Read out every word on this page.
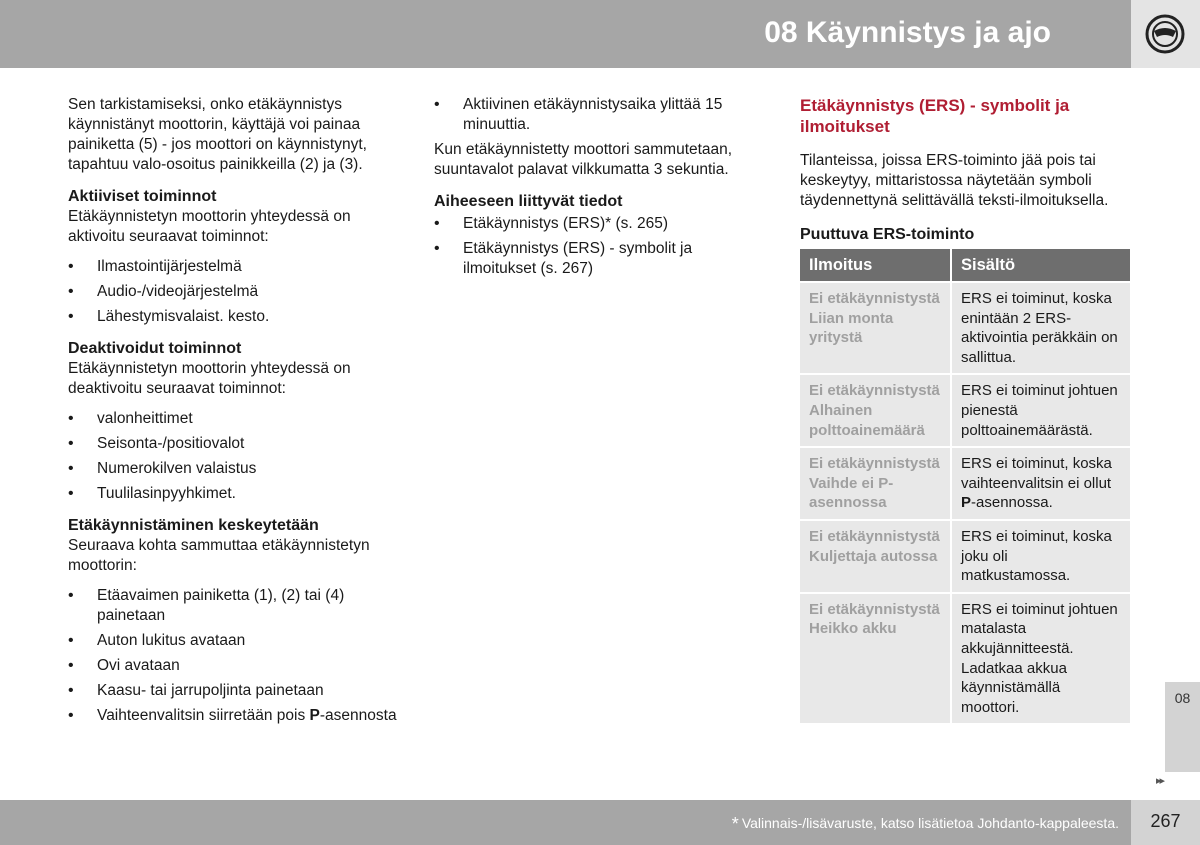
08 Käynnistys ja ajo
08
▸▸
* Valinnais-/lisävaruste, katso lisätietoa Johdanto-kappaleesta.	267

Sen tarkistamiseksi, onko etäkäynnistys käynnistänyt moottorin, käyttäjä voi painaa painiketta (5) - jos moottori on käynnistynyt, tapahtuu valo-osoitus painikkeilla (2) ja (3).

Aktiiviset toiminnot

Etäkäynnistetyn moottorin yhteydessä on aktivoitu seuraavat toiminnot:

• Ilmastointijärjestelmä
• Audio-/videojärjestelmä
• Lähestymisvalaist. kesto.
Deaktivoidut toiminnot

Etäkäynnistetyn moottorin yhteydessä on deaktivoitu seuraavat toiminnot:

• valonheittimet
• Seisonta-/positiovalot
• Numerokilven valaistus
• Tuulilasinpyyhkimet.
Etäkäynnistäminen keskeytetään

Seuraava kohta sammuttaa etäkäynnistetyn moottorin:

• Etäavaimen painiketta (1), (2) tai (4) painetaan
• Auton lukitus avataan
• Ovi avataan
• Kaasu- tai jarrupoljinta painetaan
• Vaihteenvalitsin siirretään pois P-asennosta
• Aktiivinen etäkäynnistysaika ylittää 15 minuuttia.

Kun etäkäynnistetty moottori sammutetaan, suuntavalot palavat vilkkumatta 3 sekuntia.

Aiheeseen liittyvät tiedot
• Etäkäynnistys (ERS)* (s. 265)
• Etäkäynnistys (ERS) - symbolit ja ilmoitukset (s. 267)
Etäkäynnistys (ERS) - symbolit ja ilmoitukset

Tilanteissa, joissa ERS-toiminto jää pois tai keskeytyy, mittaristossa näytetään symboli täydennettynä selittävällä teksti-ilmoituksella.

Puuttuva ERS-toiminto
Ilmoitus	Sisältö
Ei etäkäynnistystä Liian monta yritystä	ERS ei toiminut, koska enintään 2 ERS-aktivointia peräkkäin on sallittua.
Ei etäkäynnistystä Alhainen polttoainemäärä	ERS ei toiminut johtuen pienestä polttoainemäärästä.
Ei etäkäynnistystä Vaihde ei P-asennossa	ERS ei toiminut, koska vaihteenvalitsin ei ollut P-asennossa.
Ei etäkäynnistystä Kuljettaja autossa	ERS ei toiminut, koska joku oli matkustamossa.
Ei etäkäynnistystä Heikko akku	ERS ei toiminut johtuen matalasta akkujännitteestä. Ladatkaa akkua käynnistämällä moottori.
